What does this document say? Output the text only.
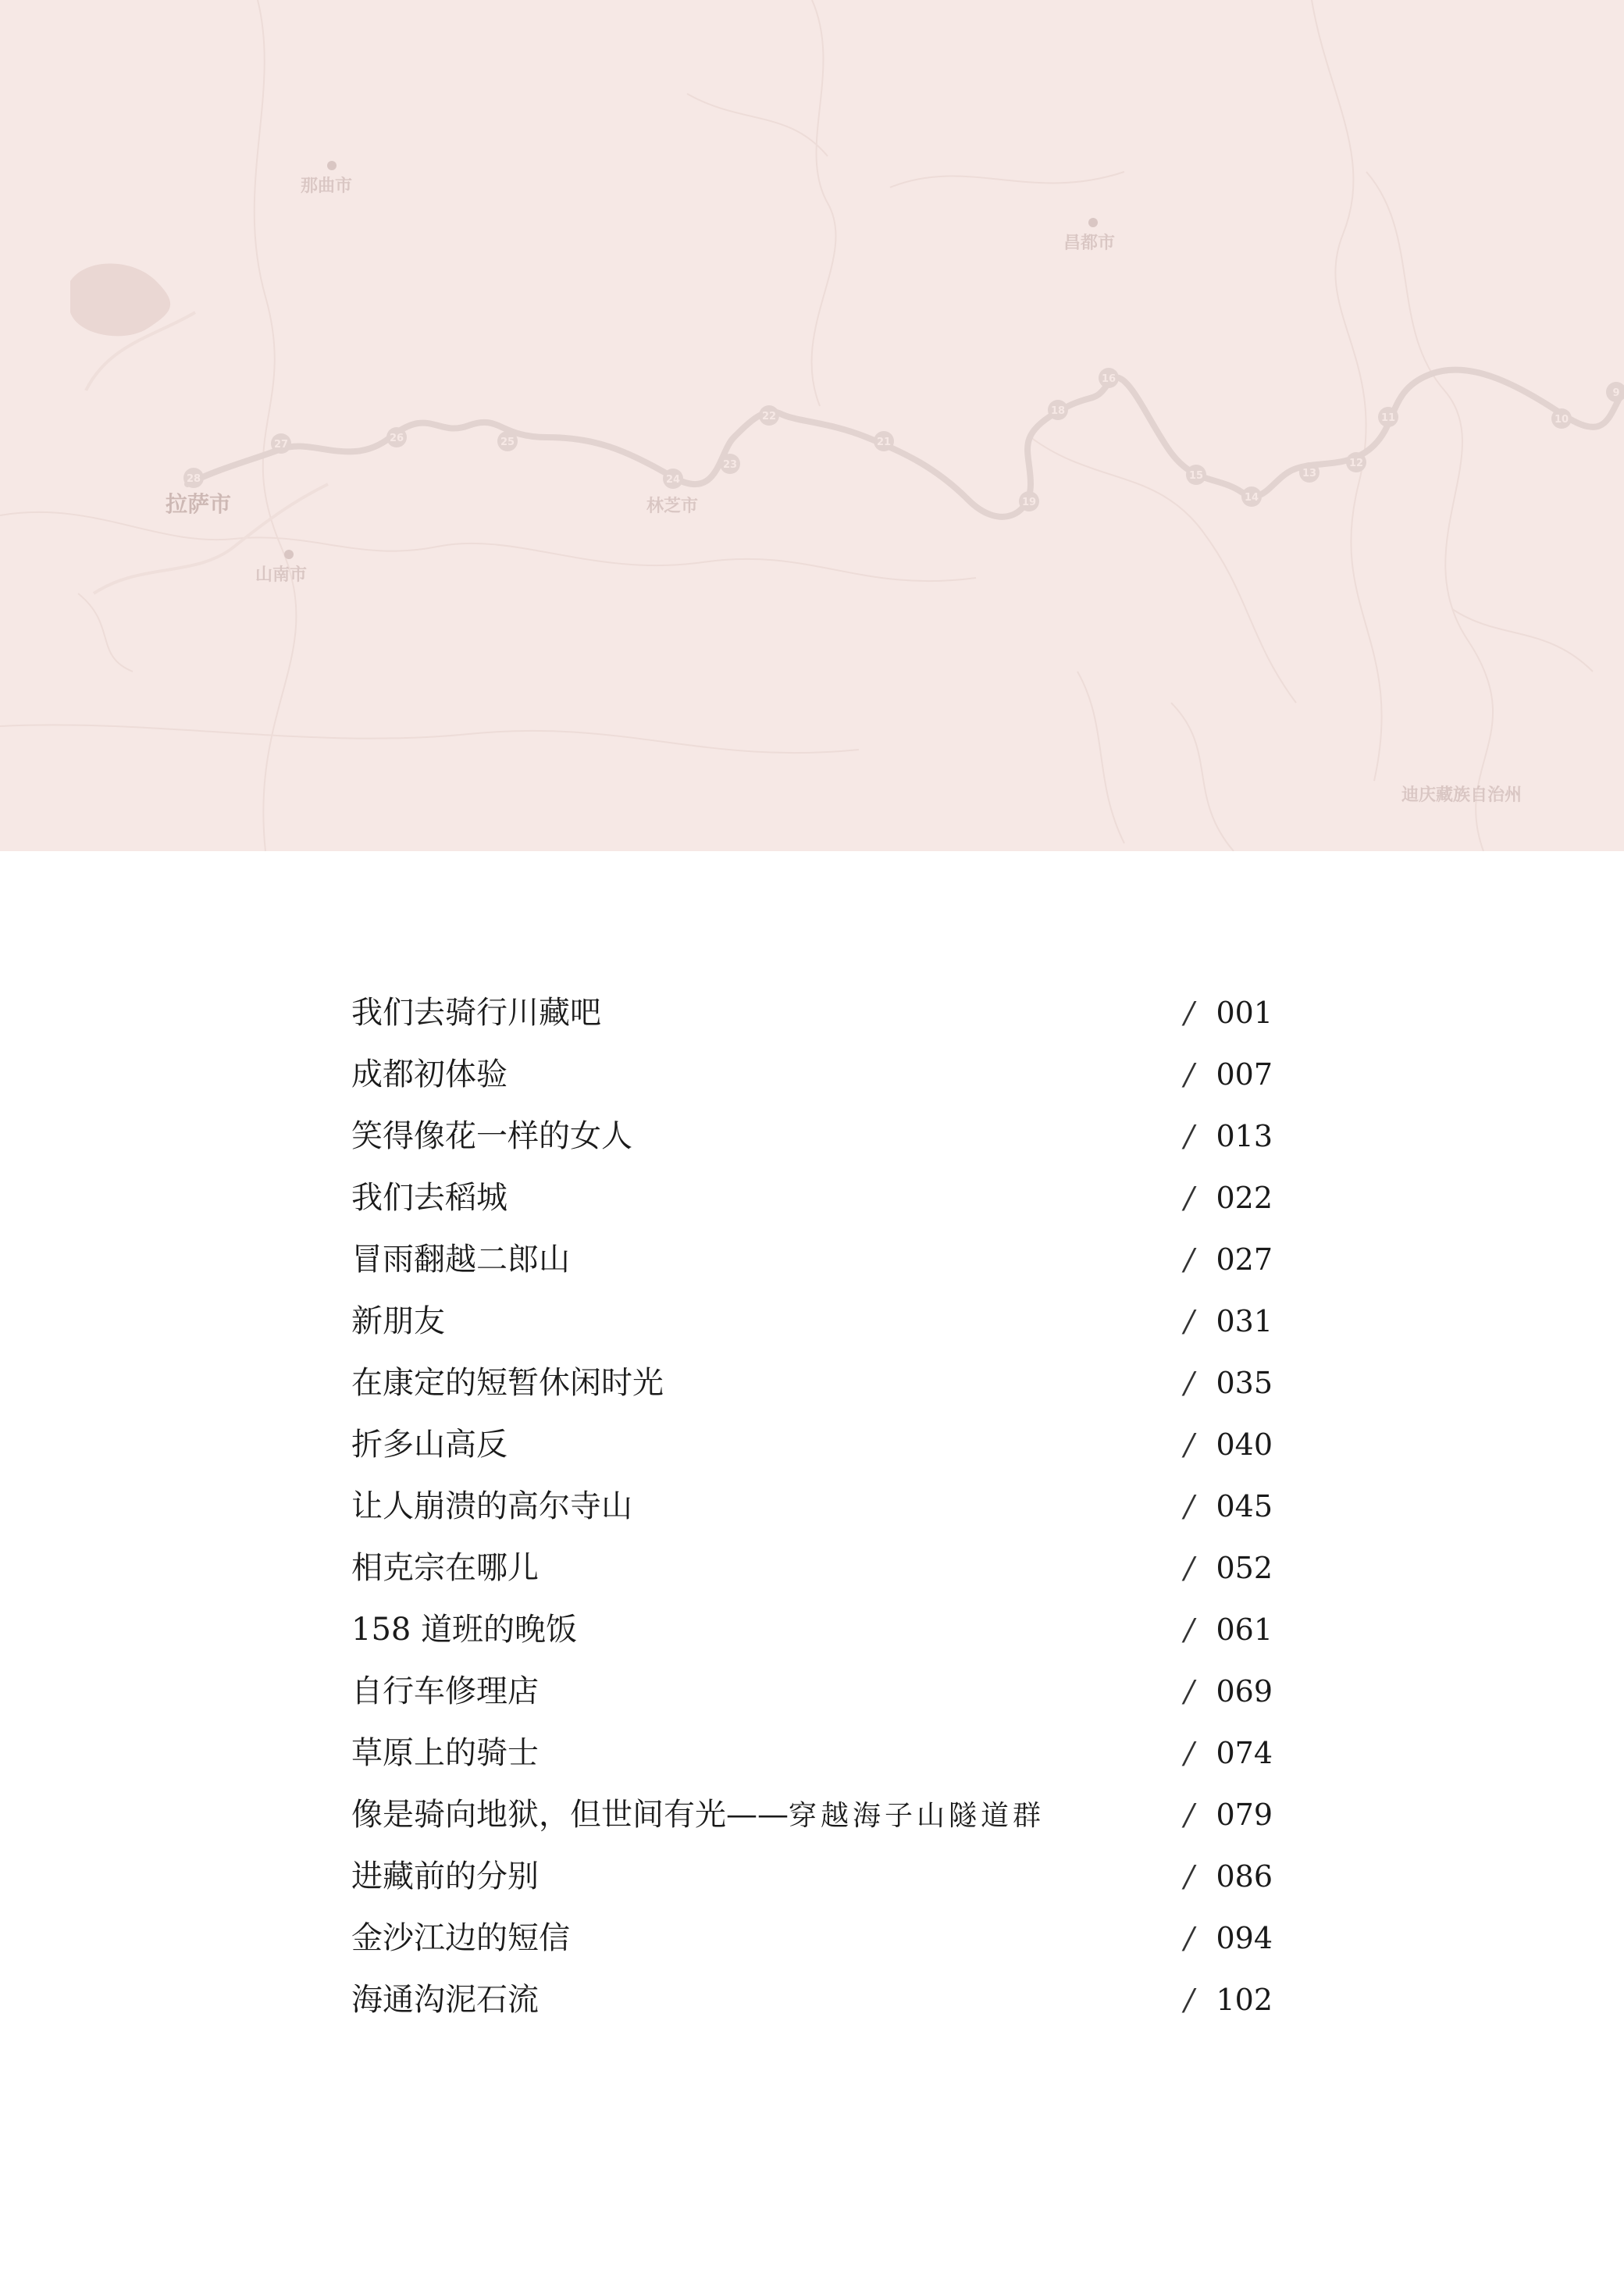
28
27
26	25
24
23
22
21
19
18
16
15
14
13
12
11	10
9
那曲市
昌都市
拉萨市
山南市
林芝市
迪庆藏族自治州
我们去骑行川藏吧	/ 001
成都初体验	/ 007
笑得像花一样的女人	/ 013
我们去稻城	/ 022
冒雨翻越二郎山	/ 027
新朋友	/ 031
在康定的短暂休闲时光	/ 035
折多山高反	/ 040
让人崩溃的高尔寺山	/ 045
相克宗在哪儿	/ 052
158 道班的晚饭	/ 061
自行车修理店	/ 069
草原上的骑士	/ 074
像是骑向地狱，但世间有光——穿越海子山隧道群	/ 079
进藏前的分别	/ 086
金沙江边的短信	/ 094
海通沟泥石流	/ 102
